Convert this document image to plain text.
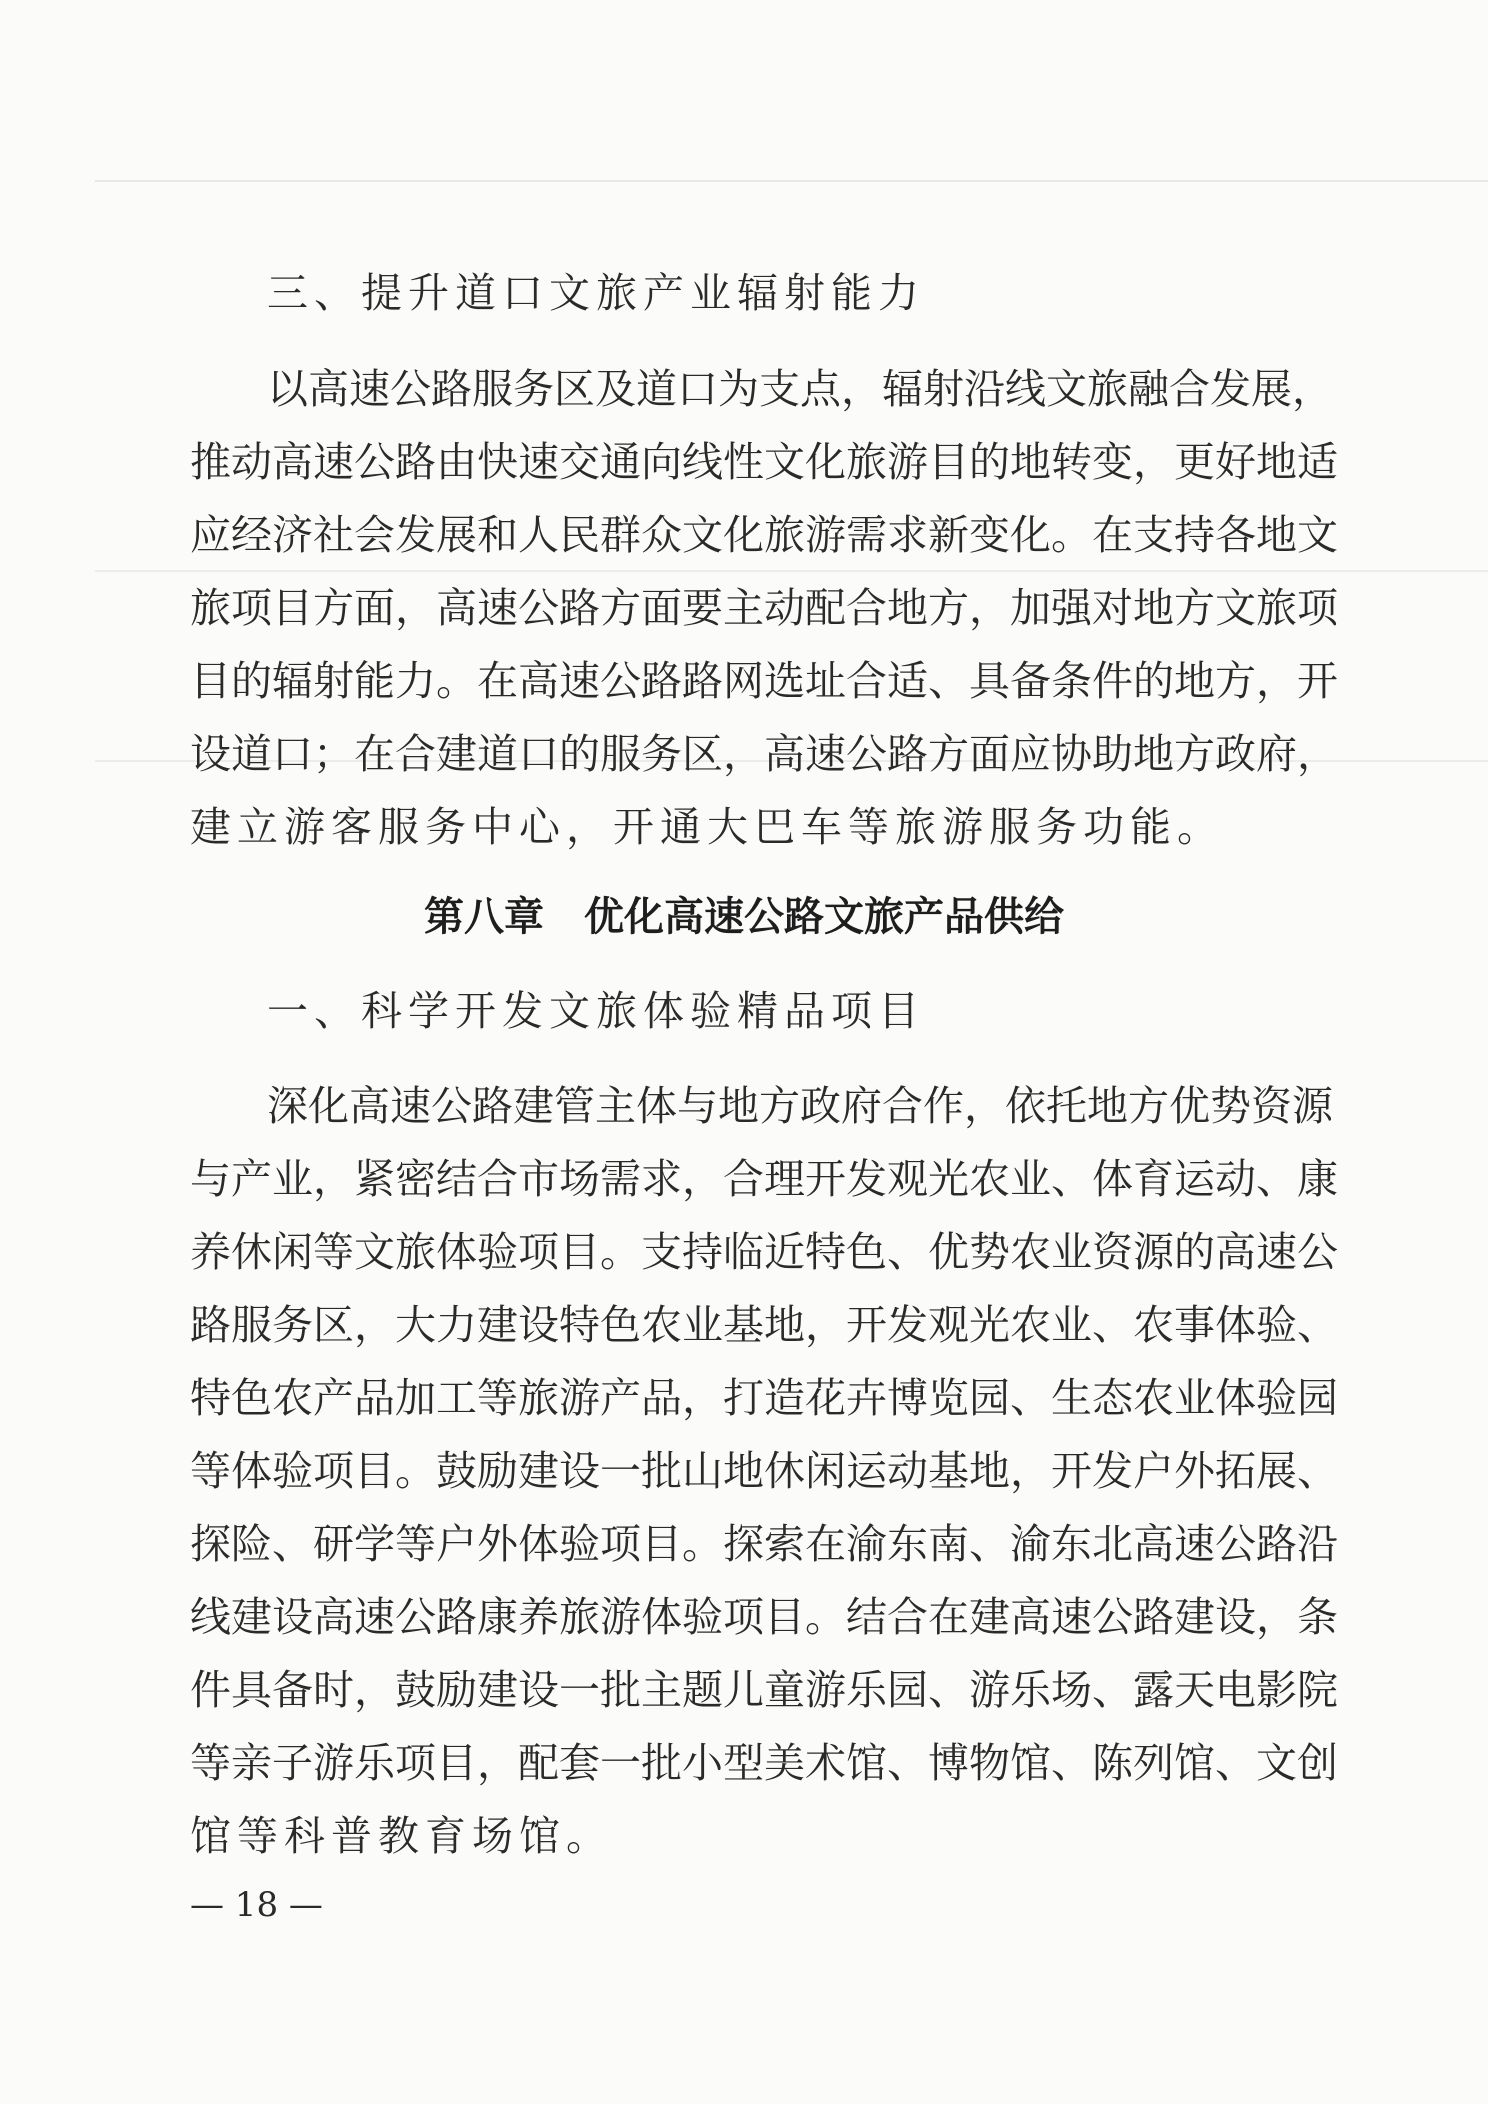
三、提升道口文旅产业辐射能力

以高速公路服务区及道口为支点，辐射沿线文旅融合发展，

推动高速公路由快速交通向线性文化旅游目的地转变，更好地适

应经济社会发展和人民群众文化旅游需求新变化。在支持各地文

旅项目方面，高速公路方面要主动配合地方，加强对地方文旅项

目的辐射能力。在高速公路路网选址合适、具备条件的地方，开

设道口；在合建道口的服务区，高速公路方面应协助地方政府，

建立游客服务中心，开通大巴车等旅游服务功能。

第八章　优化高速公路文旅产品供给
一、科学开发文旅体验精品项目

深化高速公路建管主体与地方政府合作，依托地方优势资源

与产业，紧密结合市场需求，合理开发观光农业、体育运动、康

养休闲等文旅体验项目。支持临近特色、优势农业资源的高速公

路服务区，大力建设特色农业基地，开发观光农业、农事体验、

特色农产品加工等旅游产品，打造花卉博览园、生态农业体验园

等体验项目。鼓励建设一批山地休闲运动基地，开发户外拓展、

探险、研学等户外体验项目。探索在渝东南、渝东北高速公路沿

线建设高速公路康养旅游体验项目。结合在建高速公路建设，条

件具备时，鼓励建设一批主题儿童游乐园、游乐场、露天电影院

等亲子游乐项目，配套一批小型美术馆、博物馆、陈列馆、文创

馆等科普教育场馆。

— 18 —
